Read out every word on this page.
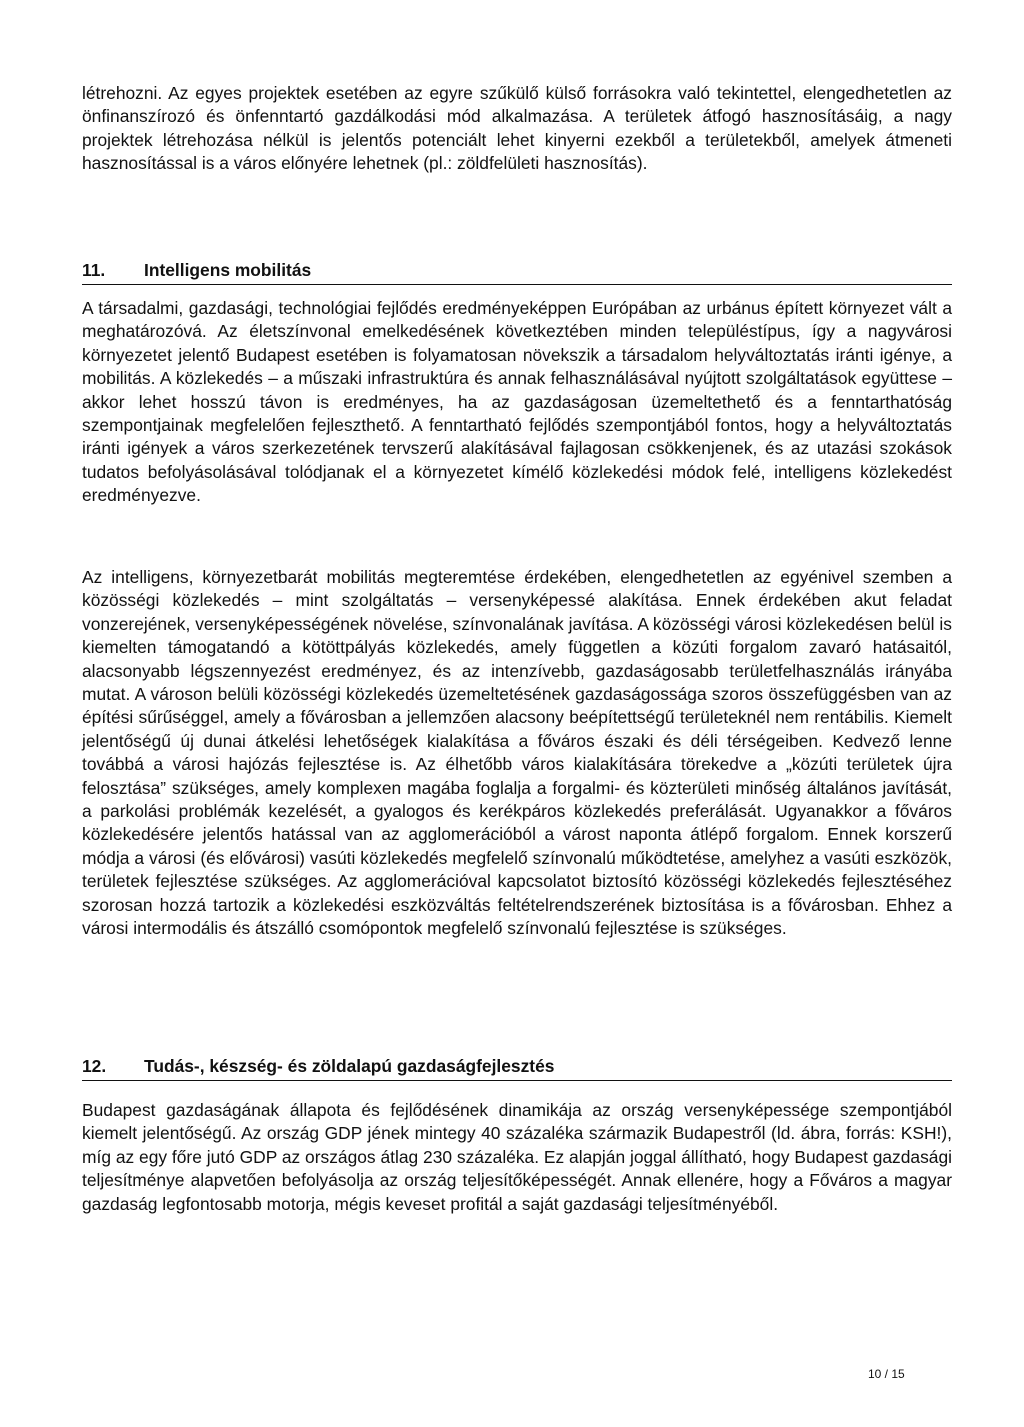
létrehozni. Az egyes projektek esetében az egyre szűkülő külső forrásokra való tekintettel, elengedhetetlen az önfinanszírozó és önfenntartó gazdálkodási mód alkalmazása. A területek átfogó hasznosításáig, a nagy projektek létrehozása nélkül is jelentős potenciált lehet kinyerni ezekből a területekből, amelyek átmeneti hasznosítással is a város előnyére lehetnek (pl.: zöldfelületi hasznosítás).

11. Intelligens mobilitás

A társadalmi, gazdasági, technológiai fejlődés eredményeképpen Európában az urbánus épített környezet vált a meghatározóvá. Az életszínvonal emelkedésének következtében minden településtípus, így a nagyvárosi környezetet jelentő Budapest esetében is folyamatosan növekszik a társadalom helyváltoztatás iránti igénye, a mobilitás. A közlekedés – a műszaki infrastruktúra és annak felhasználásával nyújtott szolgáltatások együttese – akkor lehet hosszú távon is eredményes, ha az gazdaságosan üzemeltethető és a fenntarthatóság szempontjainak megfelelően fejleszthető. A fenntartható fejlődés szempontjából fontos, hogy a helyváltoztatás iránti igények a város szerkezetének tervszerű alakításával fajlagosan csökkenjenek, és az utazási szokások tudatos befolyásolásával tolódjanak el a környezetet kímélő közlekedési módok felé, intelligens közlekedést eredményezve.

Az intelligens, környezetbarát mobilitás megteremtése érdekében, elengedhetetlen az egyénivel szemben a közösségi közlekedés – mint szolgáltatás – versenyképessé alakítása. Ennek érdekében akut feladat vonzerejének, versenyképességének növelése, színvonalának javítása. A közösségi városi közlekedésen belül is kiemelten támogatandó a kötöttpályás közlekedés, amely független a közúti forgalom zavaró hatásaitól, alacsonyabb légszennyezést eredményez, és az intenzívebb, gazdaságosabb területfelhasználás irányába mutat. A városon belüli közösségi közlekedés üzemeltetésének gazdaságossága szoros összefüggésben van az építési sűrűséggel, amely a fővárosban a jellemzően alacsony beépítettségű területeknél nem rentábilis. Kiemelt jelentőségű új dunai átkelési lehetőségek kialakítása a főváros északi és déli térségeiben. Kedvező lenne továbbá a városi hajózás fejlesztése is. Az élhetőbb város kialakítására törekedve a „közúti területek újra felosztása” szükséges, amely komplexen magába foglalja a forgalmi- és közterületi minőség általános javítását, a parkolási problémák kezelését, a gyalogos és kerékpáros közlekedés preferálását. Ugyanakkor a főváros közlekedésére jelentős hatással van az agglomerációból a várost naponta átlépő forgalom. Ennek korszerű módja a városi (és elővárosi) vasúti közlekedés megfelelő színvonalú működtetése, amelyhez a vasúti eszközök, területek fejlesztése szükséges. Az agglomerációval kapcsolatot biztosító közösségi közlekedés fejlesztéséhez szorosan hozzá tartozik a közlekedési eszközváltás feltételrendszerének biztosítása is a fővárosban. Ehhez a városi intermodális és átszálló csomópontok megfelelő színvonalú fejlesztése is szükséges.

12. Tudás-, készség- és zöldalapú gazdaságfejlesztés

Budapest gazdaságának állapota és fejlődésének dinamikája az ország versenyképessége szempontjából kiemelt jelentőségű. Az ország GDP jének mintegy 40 százaléka származik Budapestről (ld. ábra, forrás: KSH!), míg az egy főre jutó GDP az országos átlag 230 százaléka. Ez alapján joggal állítható, hogy Budapest gazdasági teljesítménye alapvetően befolyásolja az ország teljesítőképességét. Annak ellenére, hogy a Főváros a magyar gazdaság legfontosabb motorja, mégis keveset profitál a saját gazdasági teljesítményéből.

10 / 15
